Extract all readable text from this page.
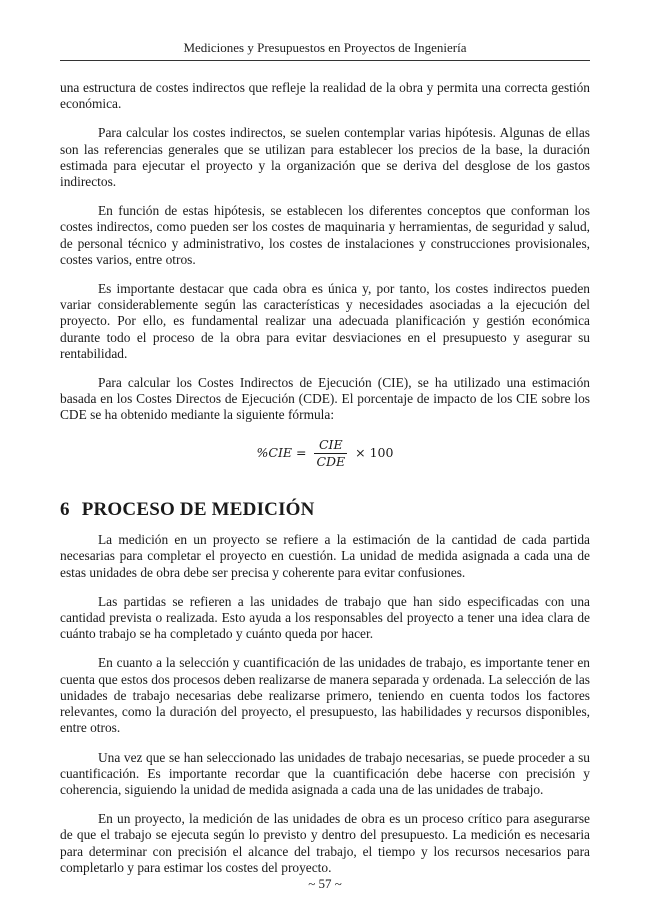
Mediciones y Presupuestos en Proyectos de Ingeniería

una estructura de costes indirectos que refleje la realidad de la obra y permita una correcta gestión económica.

Para calcular los costes indirectos, se suelen contemplar varias hipótesis. Algunas de ellas son las referencias generales que se utilizan para establecer los precios de la base, la duración estimada para ejecutar el proyecto y la organización que se deriva del desglose de los gastos indirectos.

En función de estas hipótesis, se establecen los diferentes conceptos que conforman los costes indirectos, como pueden ser los costes de maquinaria y herramientas, de seguridad y salud, de personal técnico y administrativo, los costes de instalaciones y construcciones provisionales, costes varios, entre otros.

Es importante destacar que cada obra es única y, por tanto, los costes indirectos pueden variar considerablemente según las características y necesidades asociadas a la ejecución del proyecto. Por ello, es fundamental realizar una adecuada planificación y gestión económica durante todo el proceso de la obra para evitar desviaciones en el presupuesto y asegurar su rentabilidad.

Para calcular los Costes Indirectos de Ejecución (CIE), se ha utilizado una estimación basada en los Costes Directos de Ejecución (CDE). El porcentaje de impacto de los CIE sobre los CDE se ha obtenido mediante la siguiente fórmula:

$\%CIE = \frac{\text{CIE}}{\text{CDE}} \times 100$
6 PROCESO DE MEDICIÓN

La medición en un proyecto se refiere a la estimación de la cantidad de cada partida necesarias para completar el proyecto en cuestión. La unidad de medida asignada a cada una de estas unidades de obra debe ser precisa y coherente para evitar confusiones.

Las partidas se refieren a las unidades de trabajo que han sido especificadas con una cantidad prevista o realizada. Esto ayuda a los responsables del proyecto a tener una idea clara de cuánto trabajo se ha completado y cuánto queda por hacer.

En cuanto a la selección y cuantificación de las unidades de trabajo, es importante tener en cuenta que estos dos procesos deben realizarse de manera separada y ordenada. La selección de las unidades de trabajo necesarias debe realizarse primero, teniendo en cuenta todos los factores relevantes, como la duración del proyecto, el presupuesto, las habilidades y recursos disponibles, entre otros.

Una vez que se han seleccionado las unidades de trabajo necesarias, se puede proceder a su cuantificación. Es importante recordar que la cuantificación debe hacerse con precisión y coherencia, siguiendo la unidad de medida asignada a cada una de las unidades de trabajo.

En un proyecto, la medición de las unidades de obra es un proceso crítico para asegurarse de que el trabajo se ejecuta según lo previsto y dentro del presupuesto. La medición es necesaria para determinar con precisión el alcance del trabajo, el tiempo y los recursos necesarios para completarlo y para estimar los costes del proyecto.

~ 57 ~
